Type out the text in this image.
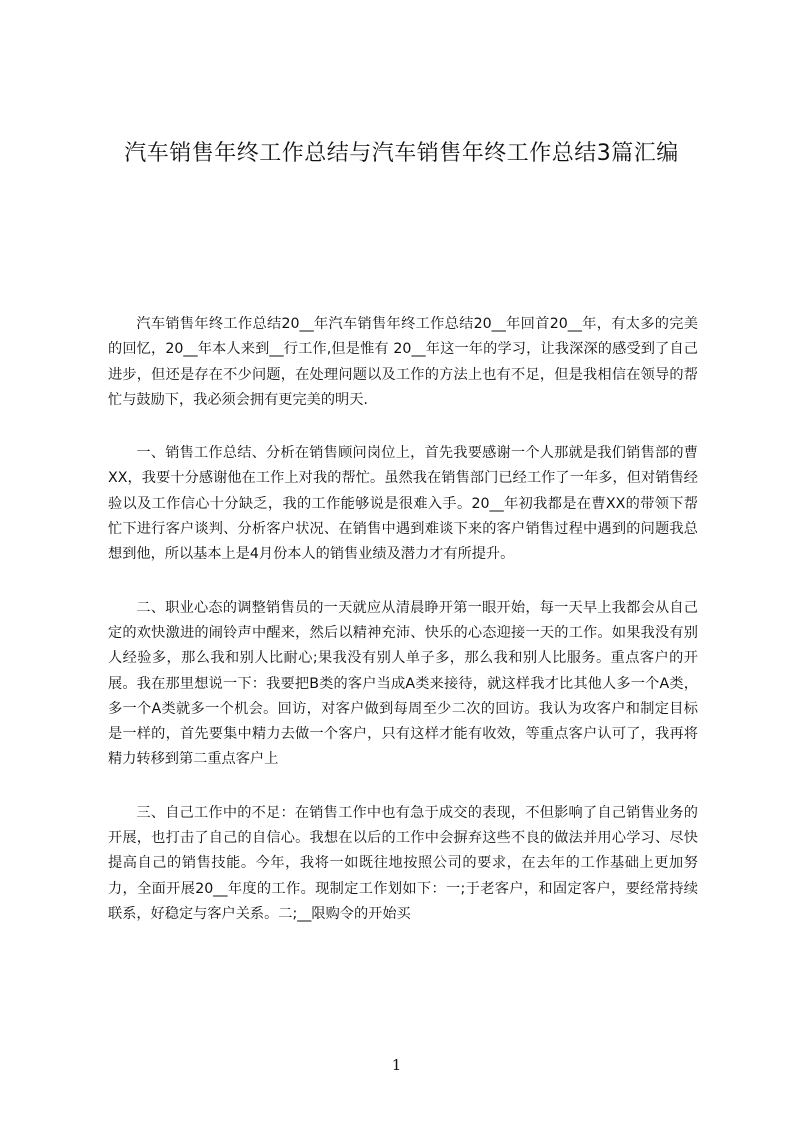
汽车销售年终工作总结与汽车销售年终工作总结3篇汇编

汽车销售年终工作总结20__年汽车销售年终工作总结20__年回首20__年，有太多的完美的回忆，20__年本人来到__行工作,但是惟有 20__年这一年的学习，让我深深的感受到了自己进步，但还是存在不少问题，在处理问题以及工作的方法上也有不足，但是我相信在领导的帮忙与鼓励下，我必须会拥有更完美的明天.

一、销售工作总结、分析在销售顾问岗位上，首先我要感谢一个人那就是我们销售部的曹XX，我要十分感谢他在工作上对我的帮忙。虽然我在销售部门已经工作了一年多，但对销售经验以及工作信心十分缺乏，我的工作能够说是很难入手。20__年初我都是在曹XX的带领下帮忙下进行客户谈判、分析客户状况、在销售中遇到难谈下来的客户销售过程中遇到的问题我总想到他，所以基本上是4月份本人的销售业绩及潜力才有所提升。

二、职业心态的调整销售员的一天就应从清晨睁开第一眼开始，每一天早上我都会从自己定的欢快激进的闹铃声中醒来，然后以精神充沛、快乐的心态迎接一天的工作。如果我没有别人经验多，那么我和别人比耐心;果我没有别人单子多，那么我和别人比服务。重点客户的开展。我在那里想说一下：我要把B类的客户当成A类来接待，就这样我才比其他人多一个A类，多一个A类就多一个机会。回访，对客户做到每周至少二次的回访。我认为攻客户和制定目标是一样的，首先要集中精力去做一个客户，只有这样才能有收效，等重点客户认可了，我再将精力转移到第二重点客户上

三、自己工作中的不足：在销售工作中也有急于成交的表现，不但影响了自己销售业务的开展，也打击了自己的自信心。我想在以后的工作中会摒弃这些不良的做法并用心学习、尽快提高自己的销售技能。今年，我将一如既往地按照公司的要求，在去年的工作基础上更加努力，全面开展20__年度的工作。现制定工作划如下：一;于老客户，和固定客户，要经常持续联系，好稳定与客户关系。二;__限购令的开始买

1
